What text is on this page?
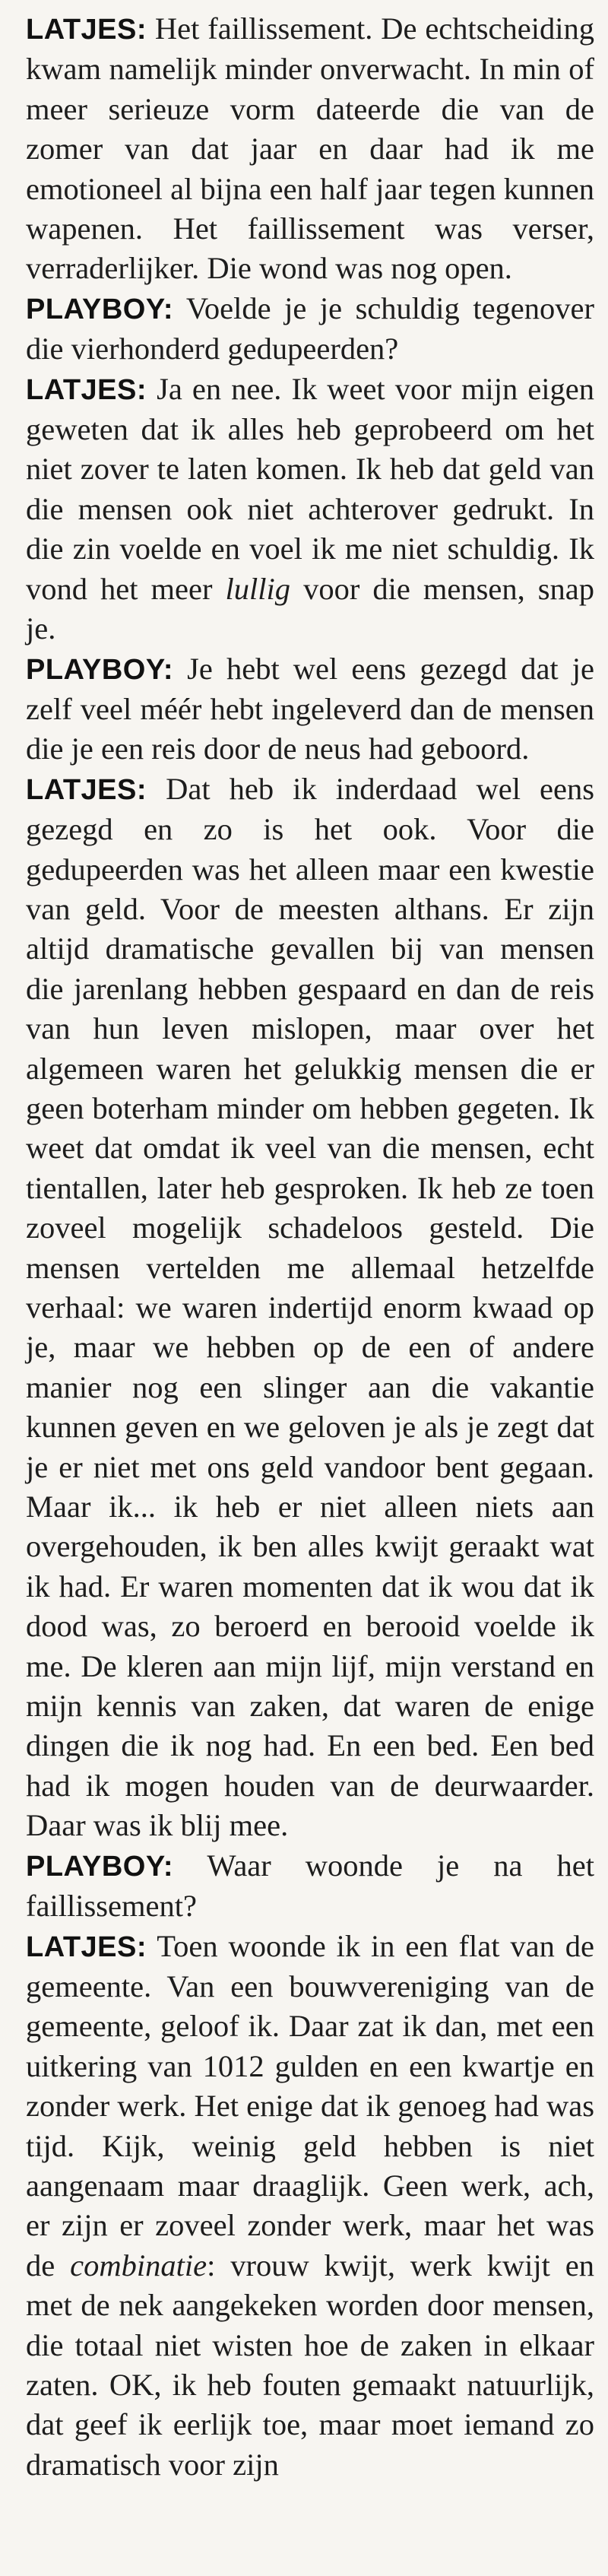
LATJES: Het faillissement. De echtscheiding kwam namelijk minder onverwacht. In min of meer serieuze vorm dateerde die van de zomer van dat jaar en daar had ik me emotioneel al bijna een half jaar tegen kunnen wapenen. Het faillissement was verser, verraderlijker. Die wond was nog open.

PLAYBOY: Voelde je je schuldig tegenover die vierhonderd gedupeerden?

LATJES: Ja en nee. Ik weet voor mijn eigen geweten dat ik alles heb geprobeerd om het niet zover te laten komen. Ik heb dat geld van die mensen ook niet achterover gedrukt. In die zin voelde en voel ik me niet schuldig. Ik vond het meer lullig voor die mensen, snap je.

PLAYBOY: Je hebt wel eens gezegd dat je zelf veel méér hebt ingeleverd dan de mensen die je een reis door de neus had geboord.

LATJES: Dat heb ik inderdaad wel eens gezegd en zo is het ook. Voor die gedupeerden was het alleen maar een kwestie van geld. Voor de meesten althans. Er zijn altijd dramatische gevallen bij van mensen die jarenlang hebben gespaard en dan de reis van hun leven mislopen, maar over het algemeen waren het gelukkig mensen die er geen boterham minder om hebben gegeten. Ik weet dat omdat ik veel van die mensen, echt tientallen, later heb gesproken. Ik heb ze toen zoveel mogelijk schadeloos gesteld. Die mensen vertelden me allemaal hetzelfde verhaal: we waren indertijd enorm kwaad op je, maar we hebben op de een of andere manier nog een slinger aan die vakantie kunnen geven en we geloven je als je zegt dat je er niet met ons geld vandoor bent gegaan. Maar ik... ik heb er niet alleen niets aan overgehouden, ik ben alles kwijt geraakt wat ik had. Er waren momenten dat ik wou dat ik dood was, zo beroerd en berooid voelde ik me. De kleren aan mijn lijf, mijn verstand en mijn kennis van zaken, dat waren de enige dingen die ik nog had. En een bed. Een bed had ik mogen houden van de deurwaarder. Daar was ik blij mee.

PLAYBOY: Waar woonde je na het faillissement?

LATJES: Toen woonde ik in een flat van de gemeente. Van een bouwvereniging van de gemeente, geloof ik. Daar zat ik dan, met een uitkering van 1012 gulden en een kwartje en zonder werk. Het enige dat ik genoeg had was tijd. Kijk, weinig geld hebben is niet aangenaam maar draaglijk. Geen werk, ach, er zijn er zoveel zonder werk, maar het was de combinatie: vrouw kwijt, werk kwijt en met de nek aangekeken worden door mensen, die totaal niet wisten hoe de zaken in elkaar zaten. OK, ik heb fouten gemaakt natuurlijk, dat geef ik eerlijk toe, maar moet iemand zo dramatisch voor zijn
